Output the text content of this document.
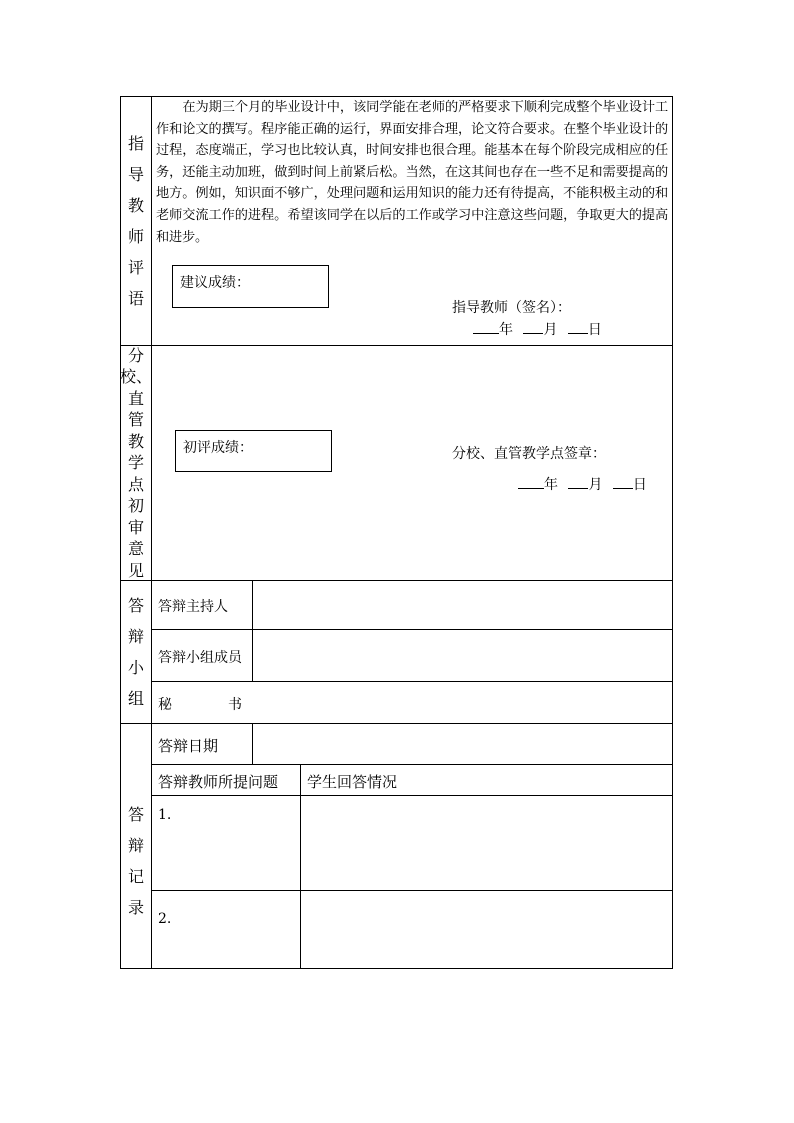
指
导
教
师
评
语
在为期三个月的毕业设计中，该同学能在老师的严格要求下顺利完成整个毕业设计工作和论文的撰写。程序能正确的运行，界面安排合理，论文符合要求。在整个毕业设计的过程，态度端正，学习也比较认真，时间安排也很合理。能基本在每个阶段完成相应的任务，还能主动加班，做到时间上前紧后松。当然，在这其间也存在一些不足和需要提高的地方。例如，知识面不够广，处理问题和运用知识的能力还有待提高，不能积极主动的和老师交流工作的进程。希望该同学在以后的工作或学习中注意这些问题，争取更大的提高和进步。
建议成绩：
指导教师（签名）：
年 月 日
分
校、
直
管
教
学
点
初
审
意
见
初评成绩：	分校、直管教学点签章：
年 月 日
答
辩
小
组
答辩主持人
答辩小组成员
秘	书
答
辩
记
录
答辩日期
答辩教师所提问题 学生回答情况
1.
2.
